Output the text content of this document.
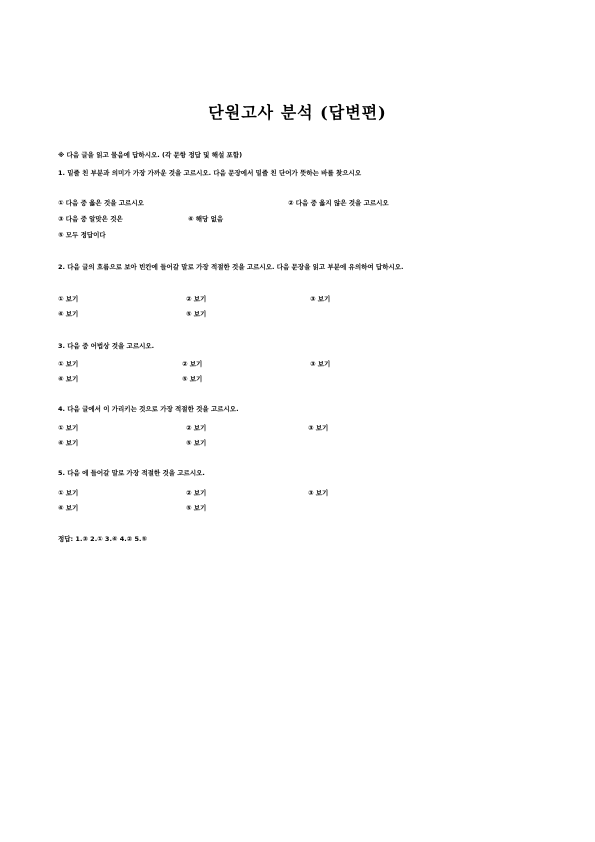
단원고사 분석 (답변편)
※ 다음 글을 읽고 물음에 답하시오. (각 문항 정답 및 해설 포함)
1. 밑줄 친 부분과 의미가 가장 가까운 것을 고르시오. 다음 문장에서 밑줄 친 단어가 뜻하는 바를 찾으시오
① 다음 중 옳은 것을 고르시오	② 다음 중 옳지 않은 것을 고르시오
③ 다음 중 알맞은 것은	④ 해당 없음
⑤ 모두 정답이다
2. 다음 글의 흐름으로 보아 빈칸에 들어갈 말로 가장 적절한 것을 고르시오. 다음 문장을 읽고 부분에 유의하여 답하시오.
① 보기	② 보기	③ 보기
④ 보기	⑤ 보기
3. 다음 중 어법상 것을 고르시오.
① 보기	② 보기	③ 보기
④ 보기	⑤ 보기
4. 다음 글에서 이 가리키는 것으로 가장 적절한 것을 고르시오.
① 보기	② 보기	③ 보기
④ 보기	⑤ 보기
5. 다음 에 들어갈 말로 가장 적절한 것을 고르시오.
① 보기	② 보기	③ 보기
④ 보기	⑤ 보기
정답: 1.③ 2.① 3.④ 4.② 5.⑤
